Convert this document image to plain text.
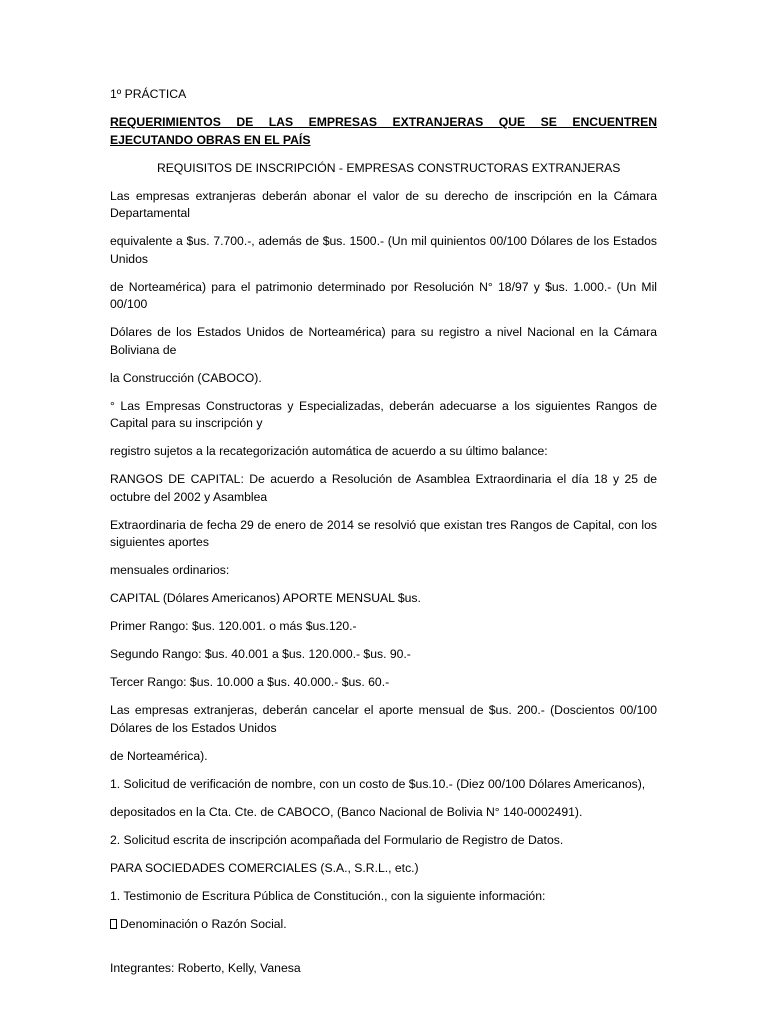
1º PRÁCTICA

REQUERIMIENTOS DE LAS EMPRESAS EXTRANJERAS QUE SE ENCUENTREN EJECUTANDO OBRAS EN EL PAÍS

REQUISITOS DE INSCRIPCIÓN - EMPRESAS CONSTRUCTORAS EXTRANJERAS

Las empresas extranjeras deberán abonar el valor de su derecho de inscripción en la Cámara Departamental

equivalente a $us. 7.700.-, además de $us. 1500.- (Un mil quinientos 00/100 Dólares de los Estados Unidos

de Norteamérica) para el patrimonio determinado por Resolución N° 18/97 y $us. 1.000.- (Un Mil 00/100

Dólares de los Estados Unidos de Norteamérica) para su registro a nivel Nacional en la Cámara Boliviana de

la Construcción (CABOCO).

° Las Empresas Constructoras y Especializadas, deberán adecuarse a los siguientes Rangos de Capital para su inscripción y

registro sujetos a la recategorización automática de acuerdo a su último balance:

RANGOS DE CAPITAL: De acuerdo a Resolución de Asamblea Extraordinaria el día 18 y 25 de octubre del 2002 y Asamblea

Extraordinaria de fecha 29 de enero de 2014 se resolvió que existan tres Rangos de Capital, con los siguientes aportes

mensuales ordinarios:

CAPITAL (Dólares Americanos) APORTE MENSUAL $us.

Primer Rango: $us. 120.001. o más $us.120.-

Segundo Rango: $us. 40.001 a $us. 120.000.- $us. 90.-

Tercer Rango: $us. 10.000 a $us. 40.000.- $us. 60.-

Las empresas extranjeras, deberán cancelar el aporte mensual de $us. 200.- (Doscientos 00/100 Dólares de los Estados Unidos

de Norteamérica).

1. Solicitud de verificación de nombre, con un costo de $us.10.- (Diez 00/100 Dólares Americanos),

depositados en la Cta. Cte. de CABOCO, (Banco Nacional de Bolivia N° 140-0002491).

2. Solicitud escrita de inscripción acompañada del Formulario de Registro de Datos.

PARA SOCIEDADES COMERCIALES (S.A., S.R.L., etc.)

1. Testimonio de Escritura Pública de Constitución., con la siguiente información:

Denominación o Razón Social.

Integrantes: Roberto, Kelly, Vanesa
